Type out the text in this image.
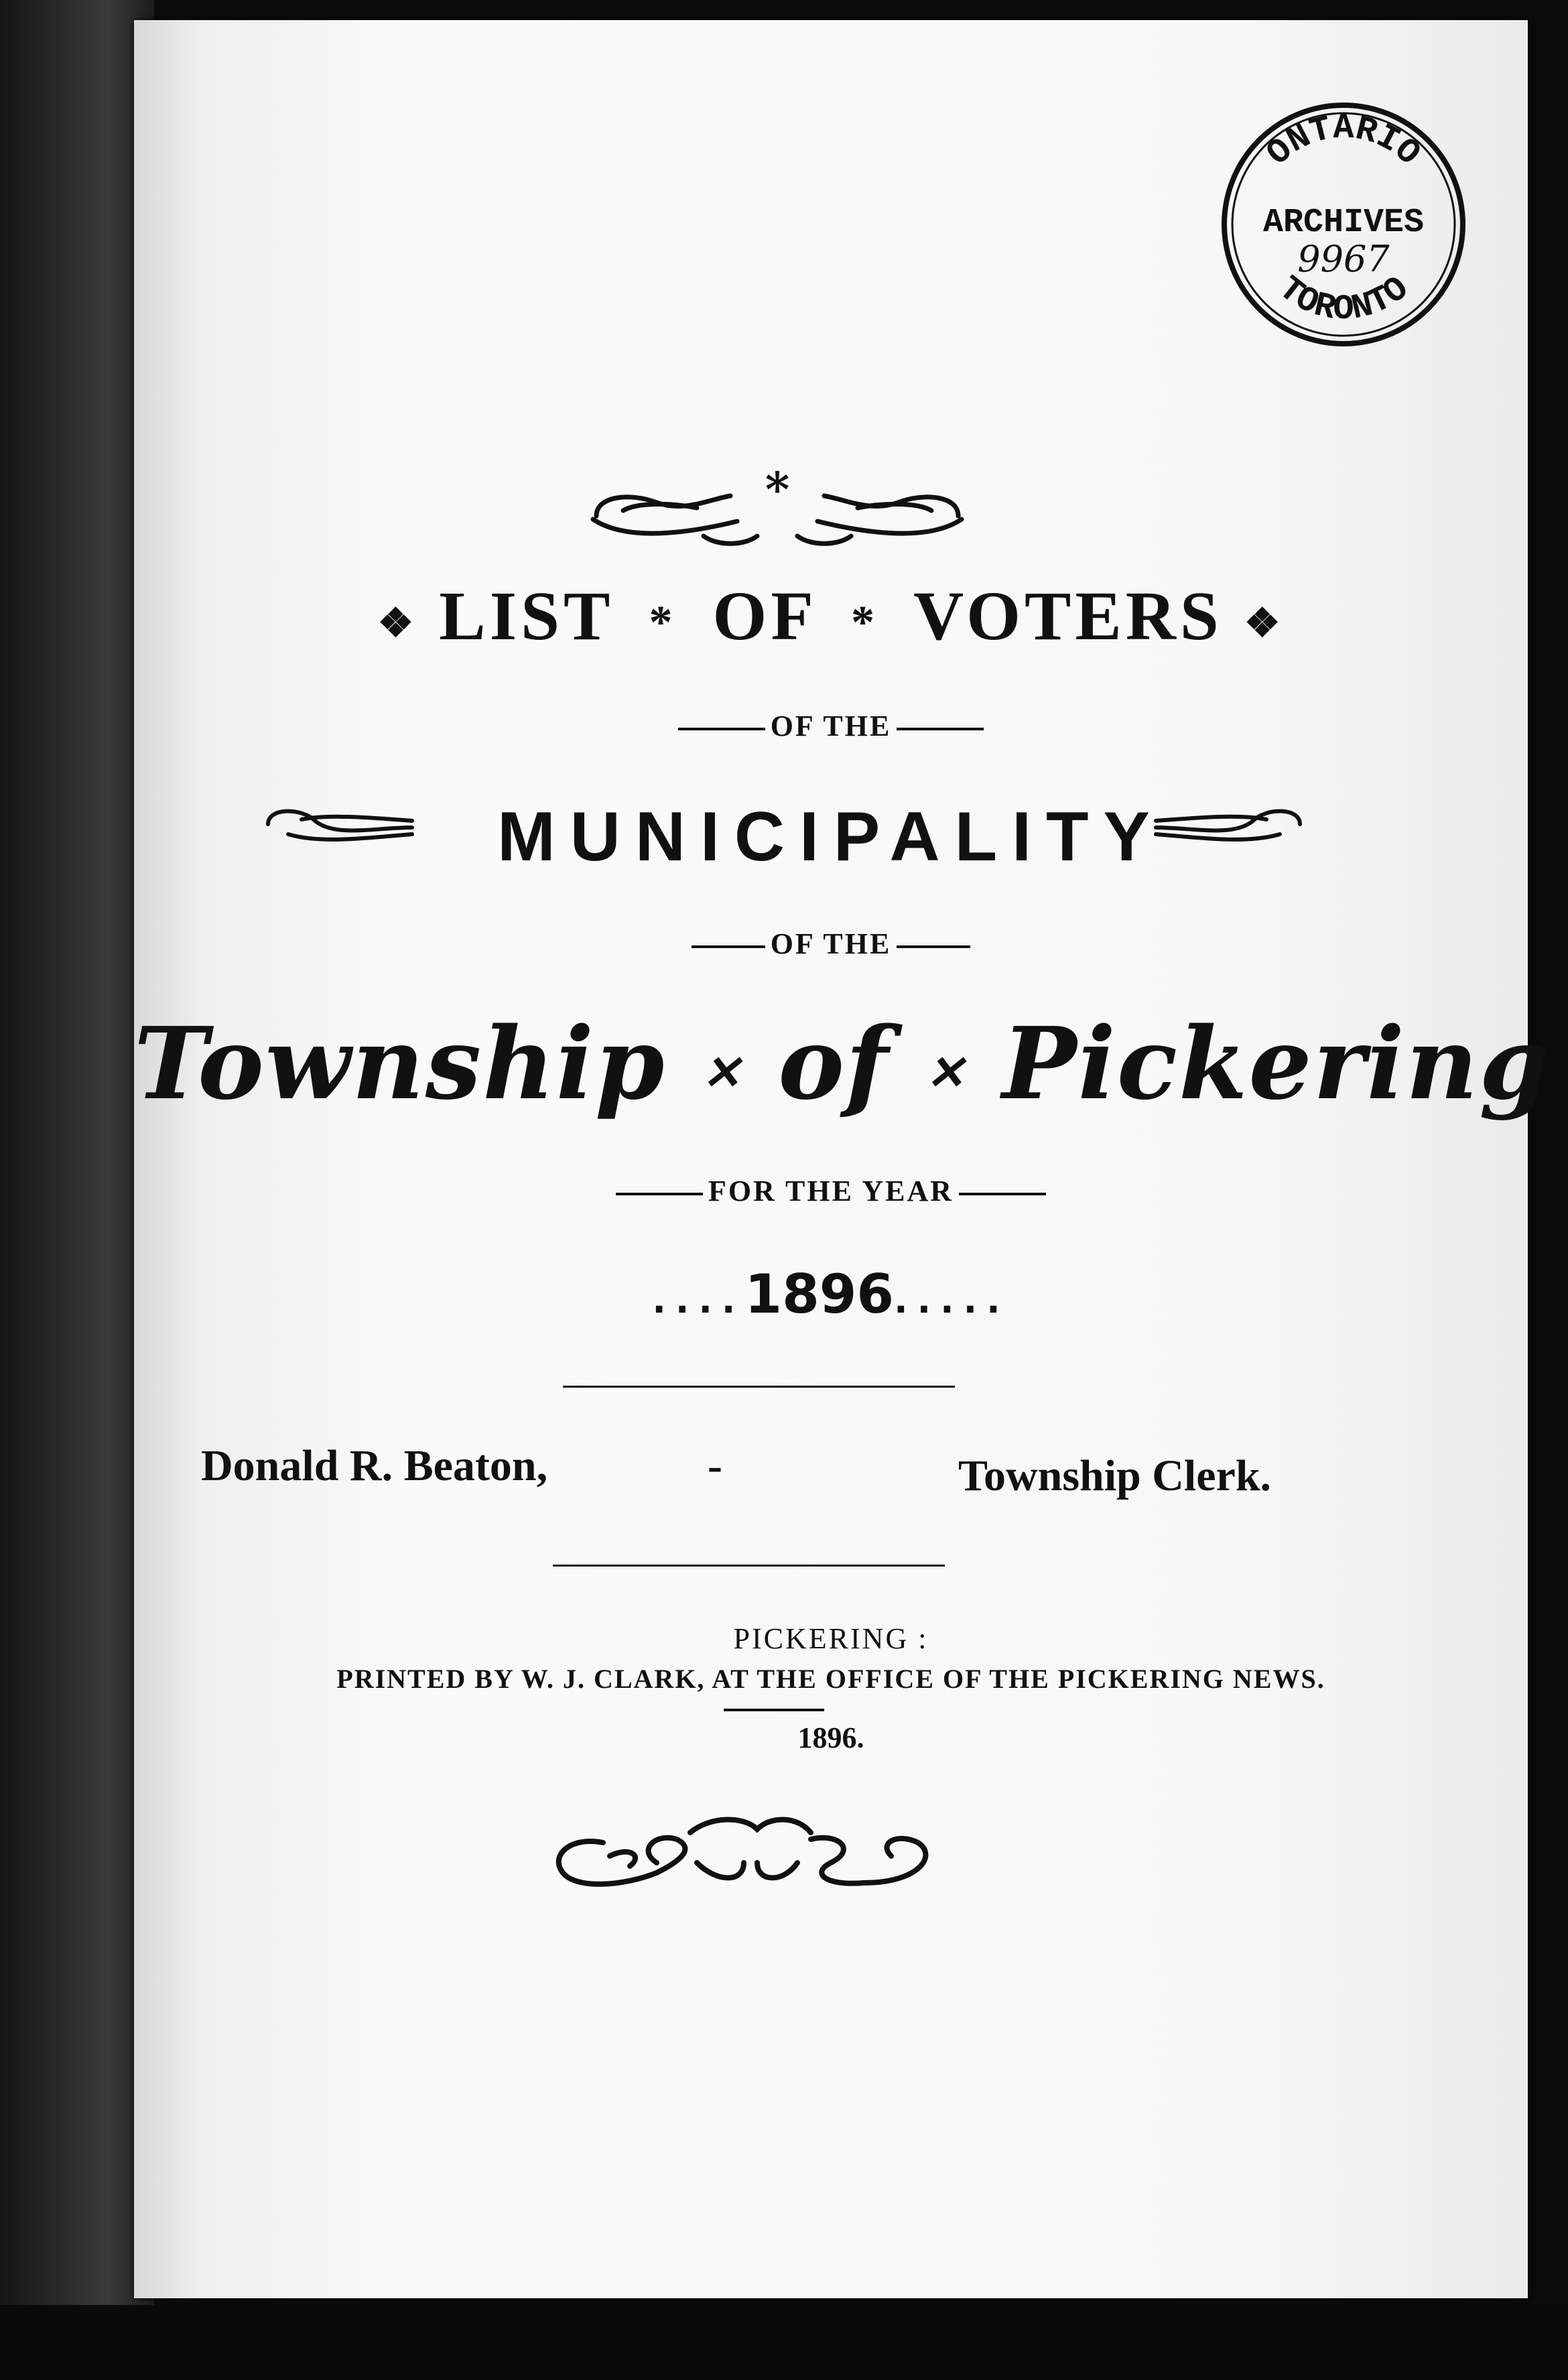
ONTARIO
TORONTO
ARCHIVES
9967
*
❖ LIST * OF * VOTERS ❖
OF THE
MUNICIPALITY
OF THE
Township ✕ of ✕ Pickering
FOR THE YEAR
....1896.....
Donald R. Beaton,	-	Township Clerk.
PICKERING :
PRINTED BY W. J. CLARK, AT THE OFFICE OF THE PICKERING NEWS.
1896.
